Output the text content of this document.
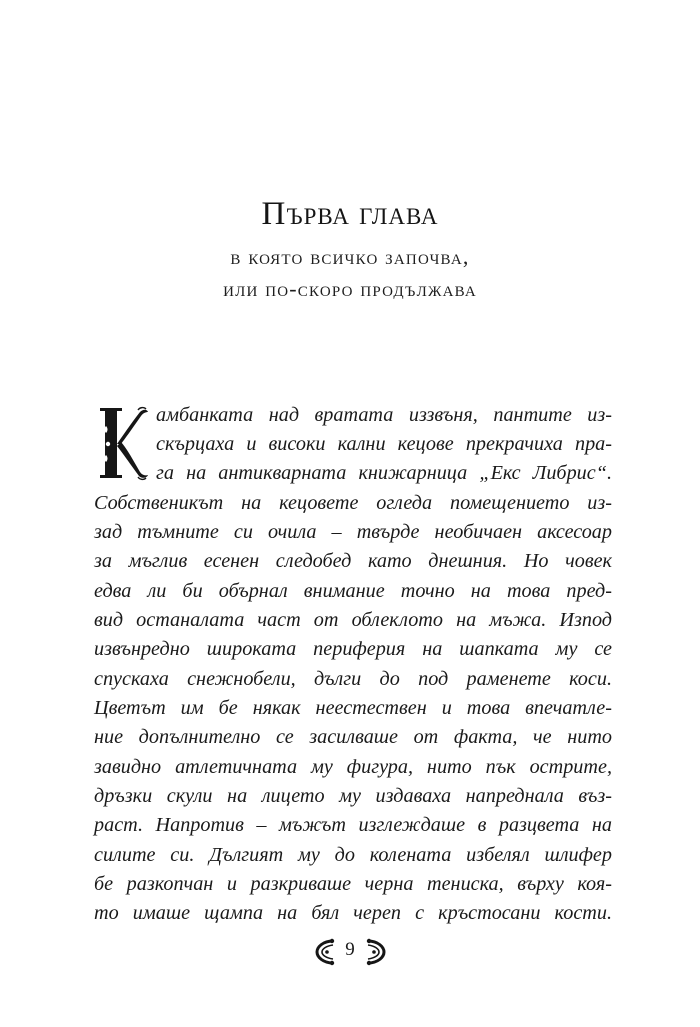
Първа глава
в която всичко започва,
или по-скоро продължава
амбанката над вратата иззвъня, пантите из-
скърцаха и високи кални кецове прекрачиха пра-
га на антикварната книжарница „Екс Либрис“.
Собственикът на кецовете огледа помещението из-
зад тъмните си очила – твърде необичаен аксесоар
за мъглив есенен следобед като днешния. Но човек
едва ли би обърнал внимание точно на това пред-
вид останалата част от облеклото на мъжа. Изпод
извънредно широката периферия на шапката му се
спускаха снежнобели, дълги до под раменете коси.
Цветът им бе някак неестествен и това впечатле-
ние допълнително се засилваше от факта, че нито
завидно атлетичната му фигура, нито пък острите,
дръзки скули на лицето му издаваха напреднала въз-
раст. Напротив – мъжът изглеждаше в разцвета на
силите си. Дългият му до колената избелял шлифер
бе разкопчан и разкриваше черна тениска, върху коя-
то имаше щампа на бял череп с кръстосани кости.
9
